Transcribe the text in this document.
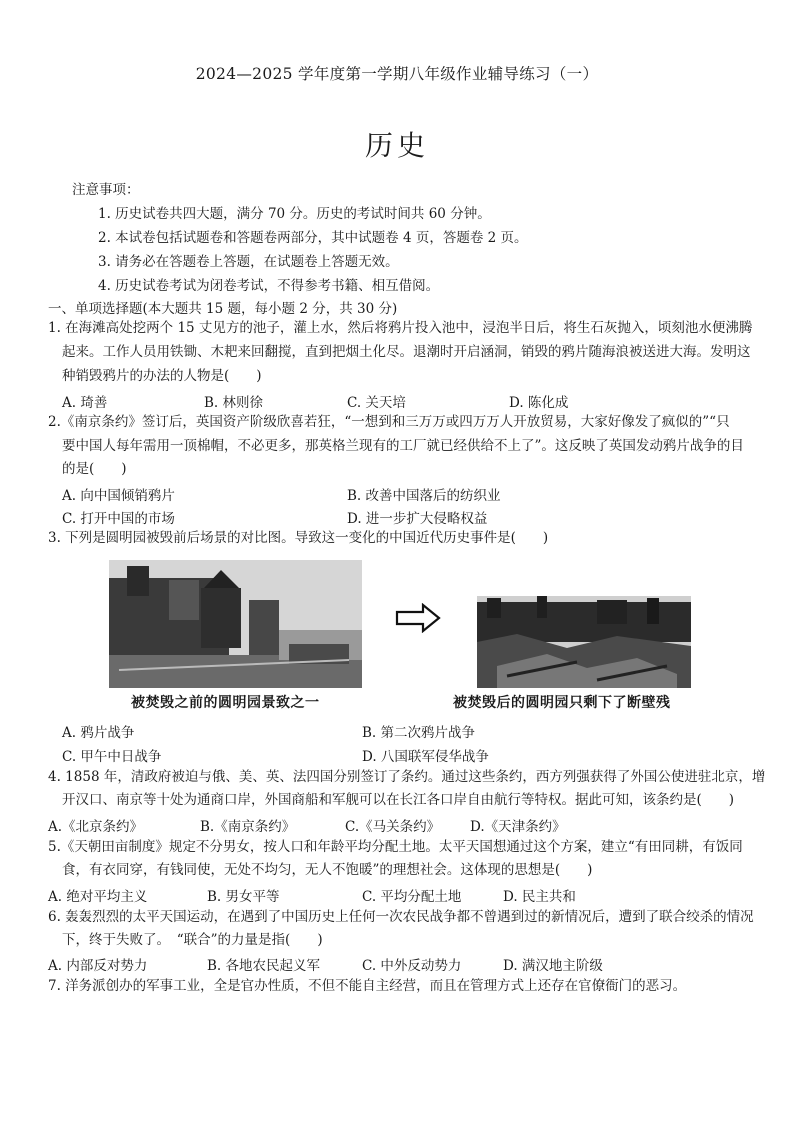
2024—2025 学年度第一学期八年级作业辅导练习（一）
历史
注意事项：
1. 历史试卷共四大题，满分 70 分。历史的考试时间共 60 分钟。
2. 本试卷包括试题卷和答题卷两部分，其中试题卷 4 页，答题卷 2 页。
3. 请务必在答题卷上答题，在试题卷上答题无效。
4. 历史试卷考试为闭卷考试，不得参考书籍、相互借阅。
一、单项选择题(本大题共 15 题，每小题 2 分，共 30 分)
1. 在海滩高处挖两个 15 丈见方的池子，灌上水，然后将鸦片投入池中，浸泡半日后，将生石灰抛入，顷刻池水便沸腾
起来。工作人员用铁锄、木耙来回翻搅，直到把烟土化尽。退潮时开启涵洞，销毁的鸦片随海浪被送进大海。发明这
种销毁鸦片的办法的人物是(　　)
A. 琦善	B. 林则徐	C. 关天培	D. 陈化成
2.《南京条约》签订后，英国资产阶级欣喜若狂，“一想到和三万万或四万万人开放贸易，大家好像发了疯似的”“只
要中国人每年需用一顶棉帽，不必更多，那英格兰现有的工厂就已经供给不上了”。这反映了英国发动鸦片战争的目
的是(　　)
A. 向中国倾销鸦片	B. 改善中国落后的纺织业
C. 打开中国的市场	D. 进一步扩大侵略权益
3. 下列是圆明园被毁前后场景的对比图。导致这一变化的中国近代历史事件是(　　)
被焚毁之前的圆明园景致之一	被焚毁后的圆明园只剩下了断壁残
A. 鸦片战争	B. 第二次鸦片战争
C. 甲午中日战争	D. 八国联军侵华战争
4. 1858 年，清政府被迫与俄、美、英、法四国分别签订了条约。通过这些条约，西方列强获得了外国公使进驻北京，增
开汉口、南京等十处为通商口岸，外国商船和军舰可以在长江各口岸自由航行等特权。据此可知，该条约是(　　)
A.《北京条约》	B.《南京条约》	C.《马关条约》 D.《天津条约》
5.《天朝田亩制度》规定不分男女，按人口和年龄平均分配土地。太平天国想通过这个方案，建立“有田同耕，有饭同
食，有衣同穿，有钱同使，无处不均匀，无人不饱暖”的理想社会。这体现的思想是(　　)
A. 绝对平均主义	B. 男女平等	C. 平均分配土地	D. 民主共和
6. 轰轰烈烈的太平天国运动，在遇到了中国历史上任何一次农民战争都不曾遇到过的新情况后，遭到了联合绞杀的情况
下，终于失败了。　“联合”的力量是指(　　)
A. 内部反对势力	B. 各地农民起义军	C. 中外反动势力	D. 满汉地主阶级
7. 洋务派创办的军事工业，全是官办性质，不但不能自主经营，而且在管理方式上还存在官僚衙门的恶习。
